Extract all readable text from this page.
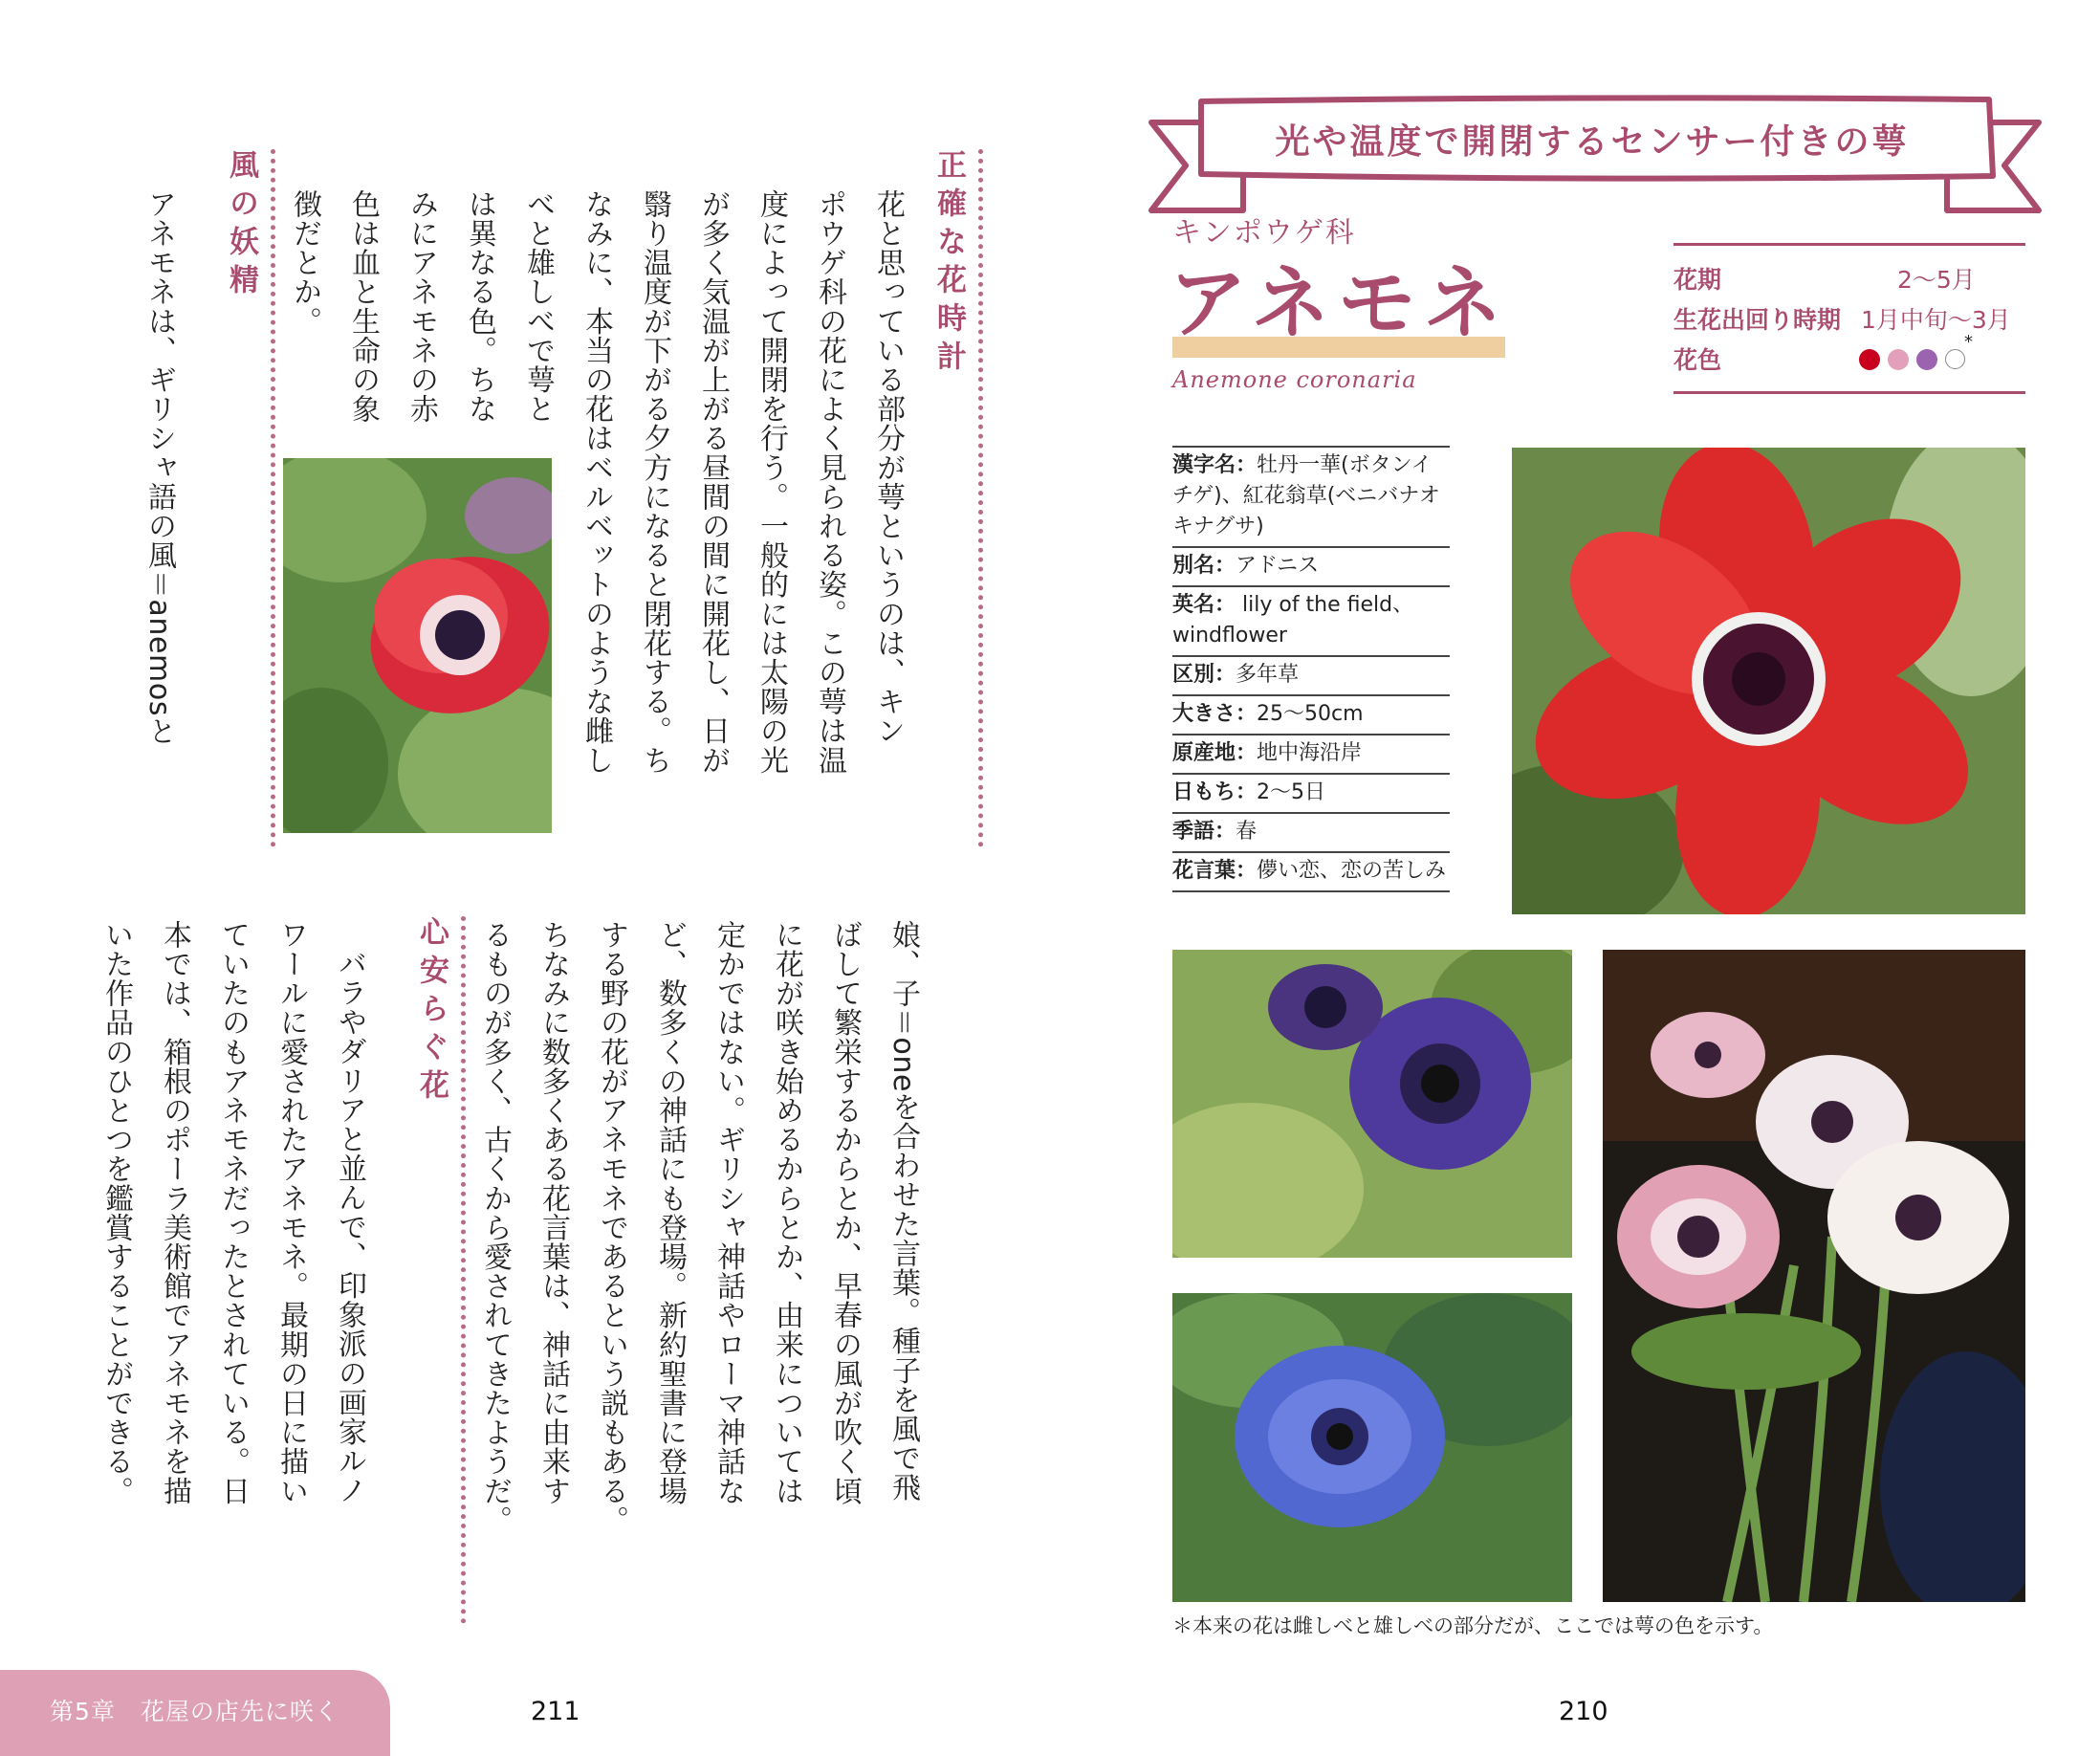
正確な花時計
花と思っている部分が萼というのは、キン
ポウゲ科の花によく見られる姿。この萼は温
度によって開閉を行う。一般的には太陽の光
が多く気温が上がる昼間の間に開花し、日が
翳り温度が下がる夕方になると閉花する。ち
なみに、本当の花はベルベットのような雌し
べと雄しべで萼と
は異なる色。ちな
みにアネモネの赤
色は血と生命の象
徴だとか。
風の妖精
アネモネは、ギリシャ語の風＝anemosと
娘、子＝oneを合わせた言葉。種子を風で飛
ばして繁栄するからとか、早春の風が吹く頃
に花が咲き始めるからとか、由来については
定かではない。ギリシャ神話やローマ神話な
ど、数多くの神話にも登場。新約聖書に登場
する野の花がアネモネであるという説もある。
ちなみに数多くある花言葉は、神話に由来す
るものが多く、古くから愛されてきたようだ。
心安らぐ花
バラやダリアと並んで、印象派の画家ルノ
ワールに愛されたアネモネ。最期の日に描い
ていたのもアネモネだったとされている。日
本では、箱根のポーラ美術館でアネモネを描
いた作品のひとつを鑑賞することができる。
第5章　花屋の店先に咲く	211
光や温度で開閉するセンサー付きの萼
キンポウゲ科
アネモネ
Anemone coronaria
花期	2〜5月
生花出回り時期 1月中旬〜3月
花色
*
漢字名：牡丹一華(ボタンイチゲ)、紅花翁草(ベニバナオキナグサ)
別名：アドニス
英名： lily of the field、windflower
区別：多年草
大きさ：25〜50cm
原産地：地中海沿岸
日もち：2〜5日
季語：春
花言葉：儚い恋、恋の苦しみ
＊本来の花は雌しべと雄しべの部分だが、ここでは萼の色を示す。
210
